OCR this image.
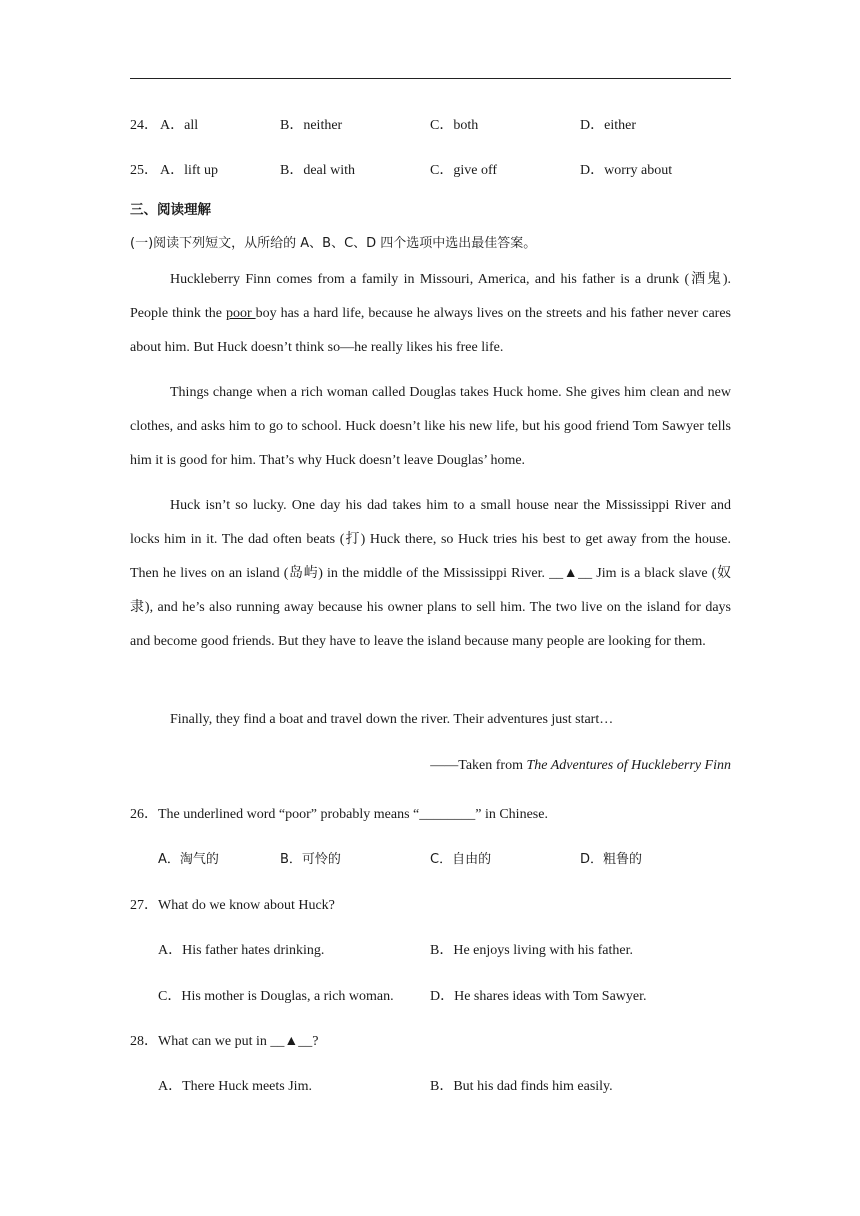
24． A．all	B．neither	C．both	D．either
25． A．lift up	B．deal with	C．give off	D．worry about
三、阅读理解
(一)阅读下列短文，从所给的 A、B、C、D 四个选项中选出最佳答案。
Huckleberry Finn comes from a family in Missouri, America, and his father is a drunk (酒鬼). People think the poor boy has a hard life, because he always lives on the streets and his father never cares about him. But Huck doesn’t think so—he really likes his free life.
Things change when a rich woman called Douglas takes Huck home. She gives him clean and new clothes, and asks him to go to school. Huck doesn’t like his new life, but his good friend Tom Sawyer tells him it is good for him. That’s why Huck doesn’t leave Douglas’ home.
Huck isn’t so lucky. One day his dad takes him to a small house near the Mississippi River and locks him in it. The dad often beats (打) Huck there, so Huck tries his best to get away from the house. Then he lives on an island (岛屿) in the middle of the Mississippi River. __▲__ Jim is a black slave (奴隶), and he’s also running away because his owner plans to sell him. The two live on the island for days and become good friends. But they have to leave the island because many people are looking for them.
Finally, they find a boat and travel down the river. Their adventures just start…
——Taken from The Adventures of Huckleberry Finn
26．The underlined word “poor” probably means “________” in Chinese.
A．淘气的	B．可怜的	C．自由的	D．粗鲁的
27．What do we know about Huck?
A．His father hates drinking.	B．He enjoys living with his father.
C．His mother is Douglas, a rich woman.	D．He shares ideas with Tom Sawyer.
28．What can we put in __▲__?
A．There Huck meets Jim.	B．But his dad finds him easily.
